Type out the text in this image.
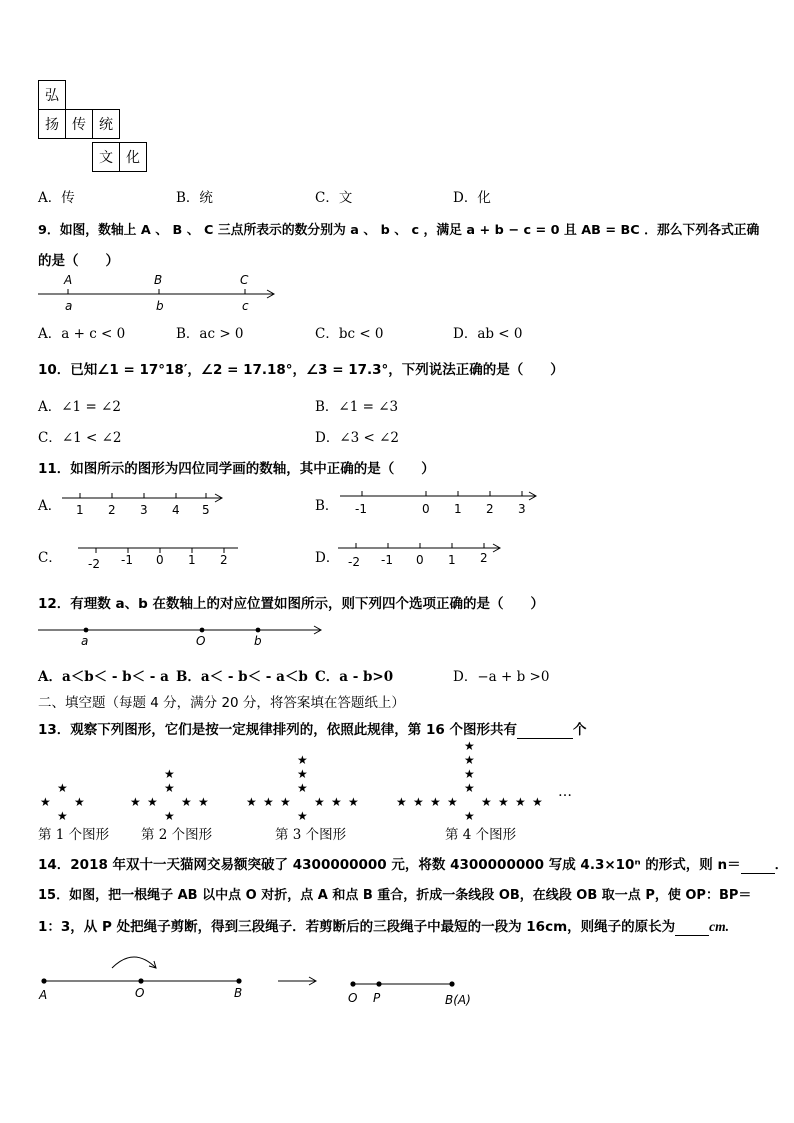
弘
扬 传 统
文 化
A．传	B．统	C．文	D．化
9．如图，数轴上 A 、 B 、 C 三点所表示的数分别为 a 、 b 、 c ，满足 a + b − c = 0 且 AB = BC ．那么下列各式正确
的是（　　）
A	B	C
a	b	c
A．a + c < 0	B．ac > 0	C．bc < 0	D．ab < 0
10．已知∠1 = 17°18′，∠2 = 17.18°，∠3 = 17.3°，下列说法正确的是（　　）
A．∠1 = ∠2	B．∠1 = ∠3
C．∠1 < ∠2	D．∠3 < ∠2
11．如图所示的图形为四位同学画的数轴，其中正确的是（　　）
A．	B．
C．	D．
1 2 3 4 5	-1	0 1 2 3
-2 -1 0 1 2	-2 -1 0 1 2
12．有理数 a、b 在数轴上的对应位置如图所示，则下列四个选项正确的是（　　）
a	O	b
A．a＜b＜ - b＜ - a B．a＜ - b＜ - a＜b C．a - b>0	D．−a + b >0
二、填空题（每题 4 分，满分 20 分，将答案填在答题纸上）
13．观察下列图形，它们是按一定规律排列的，依照此规律，第 16 个图形共有	个
★ ★
★
★
★ ★
★	★
★
★
★
★ ★
★	★
★	★
★
★
★
★
★ ★
★	★
★	★
★	★
★
★
★
★
★
…
第 1 个图形 第 2 个图形	第 3 个图形	第 4 个图形
14．2018 年双十一天猫网交易额突破了 4300000000 元，将数 4300000000 写成 4.3×10ⁿ 的形式，则 n＝	．
15．如图，把一根绳子 AB 以中点 O 对折，点 A 和点 B 重合，折成一条线段 OB，在线段 OB 取一点 P，使 OP：BP＝
1：3，从 P 处把绳子剪断，得到三段绳子．若剪断后的三段绳子中最短的一段为 16cm，则绳子的原长为	cm.
A	O	B	O P	B(A)
